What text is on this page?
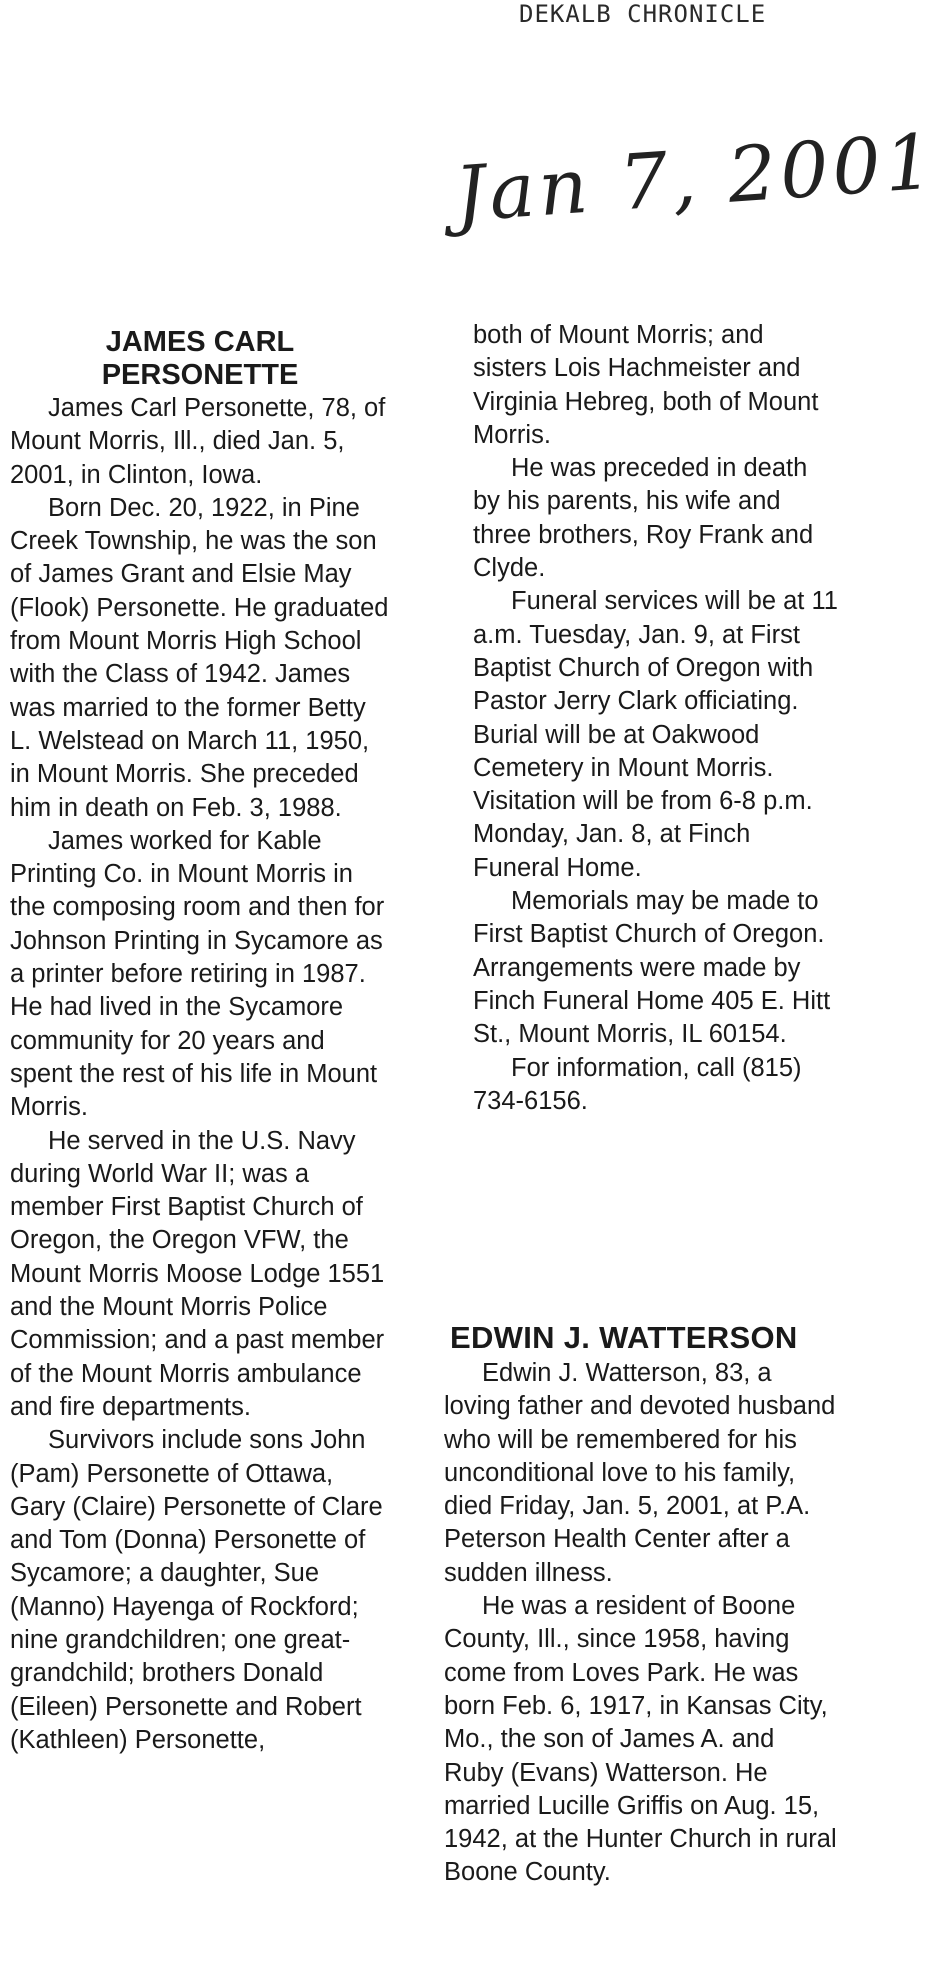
DEKALB CHRONICLE
Jan 7, 2001
JAMES CARL
PERSONETTE

James Carl Personette, 78, of Mount Morris, Ill., died Jan. 5, 2001, in Clinton, Iowa.

Born Dec. 20, 1922, in Pine Creek Township, he was the son of James Grant and Elsie May (Flook) Personette. He graduated from Mount Morris High School with the Class of 1942. James was married to the former Betty L. Welstead on March 11, 1950, in Mount Morris. She preceded him in death on Feb. 3, 1988.

James worked for Kable Printing Co. in Mount Morris in the composing room and then for Johnson Printing in Sycamore as a printer before retiring in 1987. He had lived in the Sycamore community for 20 years and spent the rest of his life in Mount Morris.

He served in the U.S. Navy during World War II; was a member First Baptist Church of Oregon, the Oregon VFW, the Mount Morris Moose Lodge 1551 and the Mount Morris Police Commission; and a past member of the Mount Morris ambulance and fire departments.

Survivors include sons John (Pam) Personette of Ottawa, Gary (Claire) Personette of Clare and Tom (Donna) Personette of Sycamore; a daughter, Sue (Manno) Hayenga of Rockford; nine grandchildren; one great-grandchild; brothers Donald (Eileen) Personette and Robert (Kathleen) Personette,

both of Mount Morris; and sisters Lois Hachmeister and Virginia Hebreg, both of Mount Morris.

He was preceded in death by his parents, his wife and three brothers, Roy Frank and Clyde.

Funeral services will be at 11 a.m. Tuesday, Jan. 9, at First Baptist Church of Oregon with Pastor Jerry Clark officiating. Burial will be at Oakwood Cemetery in Mount Morris. Visitation will be from 6-8 p.m. Monday, Jan. 8, at Finch Funeral Home.

Memorials may be made to First Baptist Church of Oregon. Arrangements were made by Finch Funeral Home 405 E. Hitt St., Mount Morris, IL 60154.

For information, call (815) 734-6156.

EDWIN J. WATTERSON

Edwin J. Watterson, 83, a loving father and devoted husband who will be remembered for his unconditional love to his family, died Friday, Jan. 5, 2001, at P.A. Peterson Health Center after a sudden illness.

He was a resident of Boone County, Ill., since 1958, having come from Loves Park. He was born Feb. 6, 1917, in Kansas City, Mo., the son of James A. and Ruby (Evans) Watterson. He married Lucille Griffis on Aug. 15, 1942, at the Hunter Church in rural Boone County.
